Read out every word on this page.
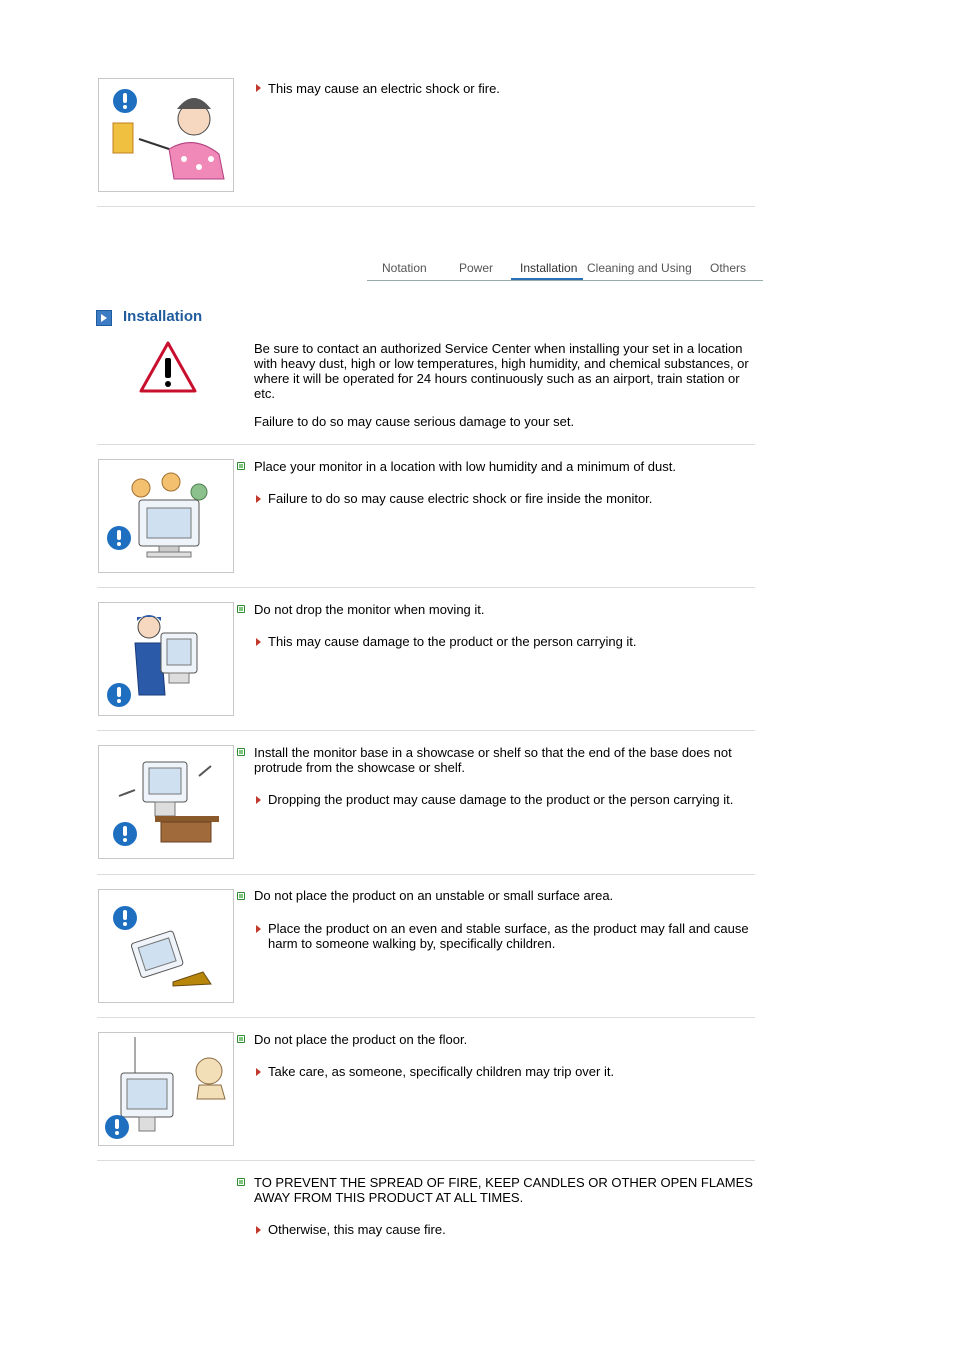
This may cause an electric shock or fire.
Notation	Power Installation Cleaning and Using Others
Installation
Be sure to contact an authorized Service Center when installing your set in a location with heavy dust, high or low temperatures, high humidity, and chemical substances, or where it will be operated for 24 hours continuously such as an airport, train station or etc.
Failure to do so may cause serious damage to your set.
Place your monitor in a location with low humidity and a minimum of dust.
Failure to do so may cause electric shock or fire inside the monitor.
Do not drop the monitor when moving it.
This may cause damage to the product or the person carrying it.
Install the monitor base in a showcase or shelf so that the end of the base does not protrude from the showcase or shelf.
Dropping the product may cause damage to the product or the person carrying it.
Do not place the product on an unstable or small surface area.
Place the product on an even and stable surface, as the product may fall and cause harm to someone walking by, specifically children.
Do not place the product on the floor.
Take care, as someone, specifically children may trip over it.
TO PREVENT THE SPREAD OF FIRE, KEEP CANDLES OR OTHER OPEN FLAMES AWAY FROM THIS PRODUCT AT ALL TIMES.
Otherwise, this may cause fire.
